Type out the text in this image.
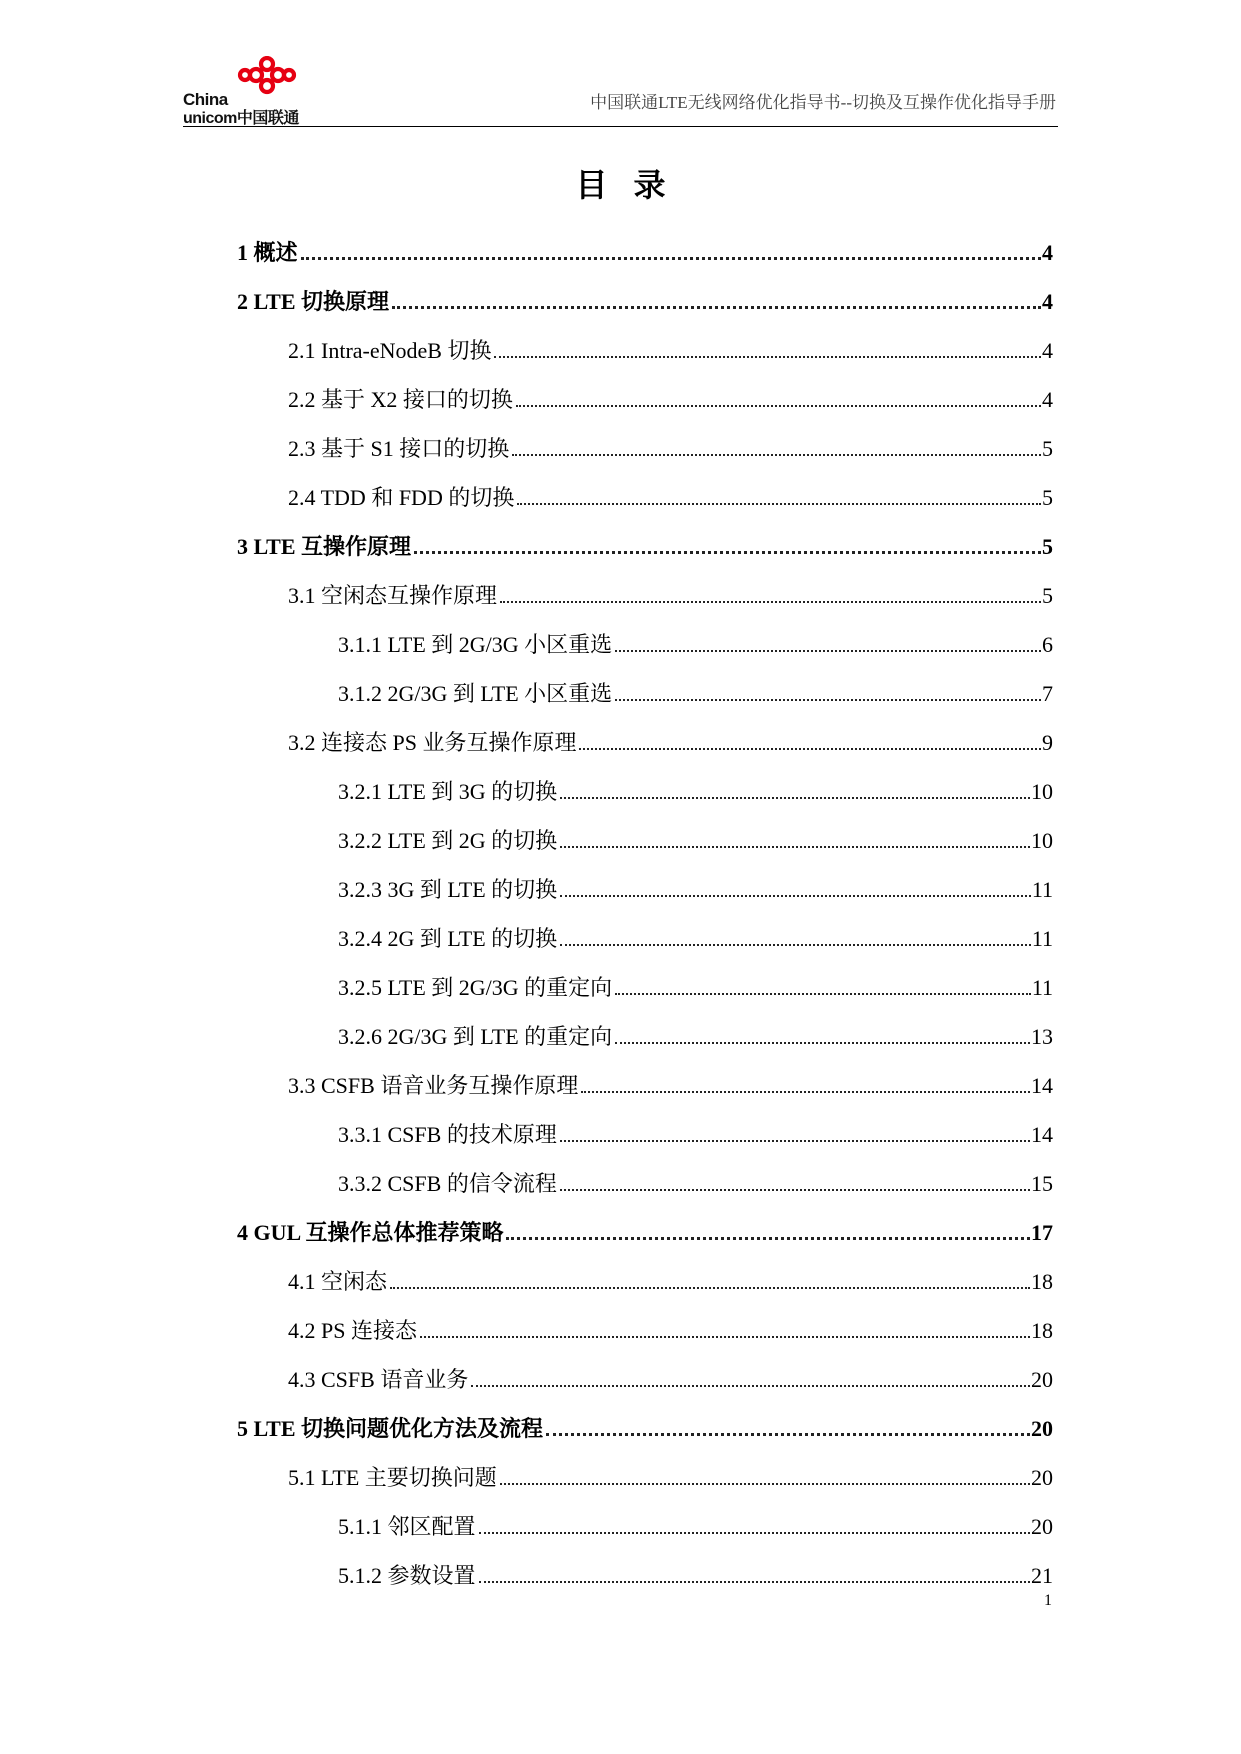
China
unicom中国联通
中国联通LTE无线网络优化指导书--切换及互操作优化指导手册
目录
1 概述	4
2 LTE 切换原理	4
2.1 Intra-eNodeB 切换	4
2.2 基于 X2 接口的切换	4
2.3 基于 S1 接口的切换	5
2.4 TDD 和 FDD 的切换	5
3 LTE 互操作原理	5
3.1 空闲态互操作原理	5
3.1.1 LTE 到 2G/3G 小区重选	6
3.1.2 2G/3G 到 LTE 小区重选	7
3.2 连接态 PS 业务互操作原理	9
3.2.1 LTE 到 3G 的切换	10
3.2.2 LTE 到 2G 的切换	10
3.2.3 3G 到 LTE 的切换	11
3.2.4 2G 到 LTE 的切换	11
3.2.5 LTE 到 2G/3G 的重定向	11
3.2.6 2G/3G 到 LTE 的重定向	13
3.3 CSFB 语音业务互操作原理	14
3.3.1 CSFB 的技术原理	14
3.3.2 CSFB 的信令流程	15
4 GUL 互操作总体推荐策略	17
4.1 空闲态	18
4.2 PS 连接态	18
4.3 CSFB 语音业务	20
5 LTE 切换问题优化方法及流程	20
5.1 LTE 主要切换问题	20
5.1.1 邻区配置	20
5.1.2 参数设置	21
1
